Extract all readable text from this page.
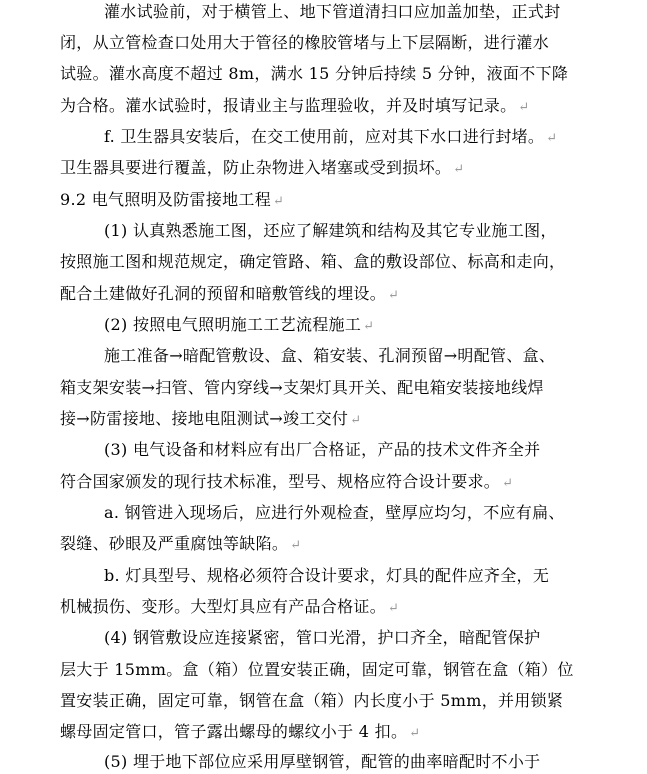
灌水试验前，对于横管上、地下管道清扫口应加盖加垫，正式封
闭，从立管检查口处用大于管径的橡胶管堵与上下层隔断，进行灌水
试验。灌水高度不超过 8m，满水 15 分钟后持续 5 分钟，液面不下降
为合格。灌水试验时，报请业主与监理验收，并及时填写记录。 ↵
f. 卫生器具安装后，在交工使用前，应对其下水口进行封堵。 ↵
卫生器具要进行覆盖，防止杂物进入堵塞或受到损坏。 ↵
9.2 电气照明及防雷接地工程 ↵
(1) 认真熟悉施工图，还应了解建筑和结构及其它专业施工图，
按照施工图和规范规定，确定管路、箱、盒的敷设部位、标高和走向，
配合土建做好孔洞的预留和暗敷管线的埋设。 ↵
(2) 按照电气照明施工工艺流程施工 ↵
施工准备→暗配管敷设、盒、箱安装、孔洞预留→明配管、盒、
箱支架安装→扫管、管内穿线→支架灯具开关、配电箱安装接地线焊
接→防雷接地、接地电阻测试→竣工交付 ↵
(3) 电气设备和材料应有出厂合格证，产品的技术文件齐全并
符合国家颁发的现行技术标准，型号、规格应符合设计要求。 ↵
a. 钢管进入现场后，应进行外观检查，壁厚应均匀，不应有扁、
裂缝、砂眼及严重腐蚀等缺陷。 ↵
b. 灯具型号、规格必须符合设计要求，灯具的配件应齐全，无
机械损伤、变形。大型灯具应有产品合格证。 ↵
(4) 钢管敷设应连接紧密，管口光滑，护口齐全，暗配管保护
层大于 15mm。盒（箱）位置安装正确，固定可靠，钢管在盒（箱）位
置安装正确，固定可靠，钢管在盒（箱）内长度小于 5mm，并用锁紧
螺母固定管口，管子露出螺母的螺纹小于 4 扣。 ↵
(5) 埋于地下部位应采用厚壁钢管，配管的曲率暗配时不小于
